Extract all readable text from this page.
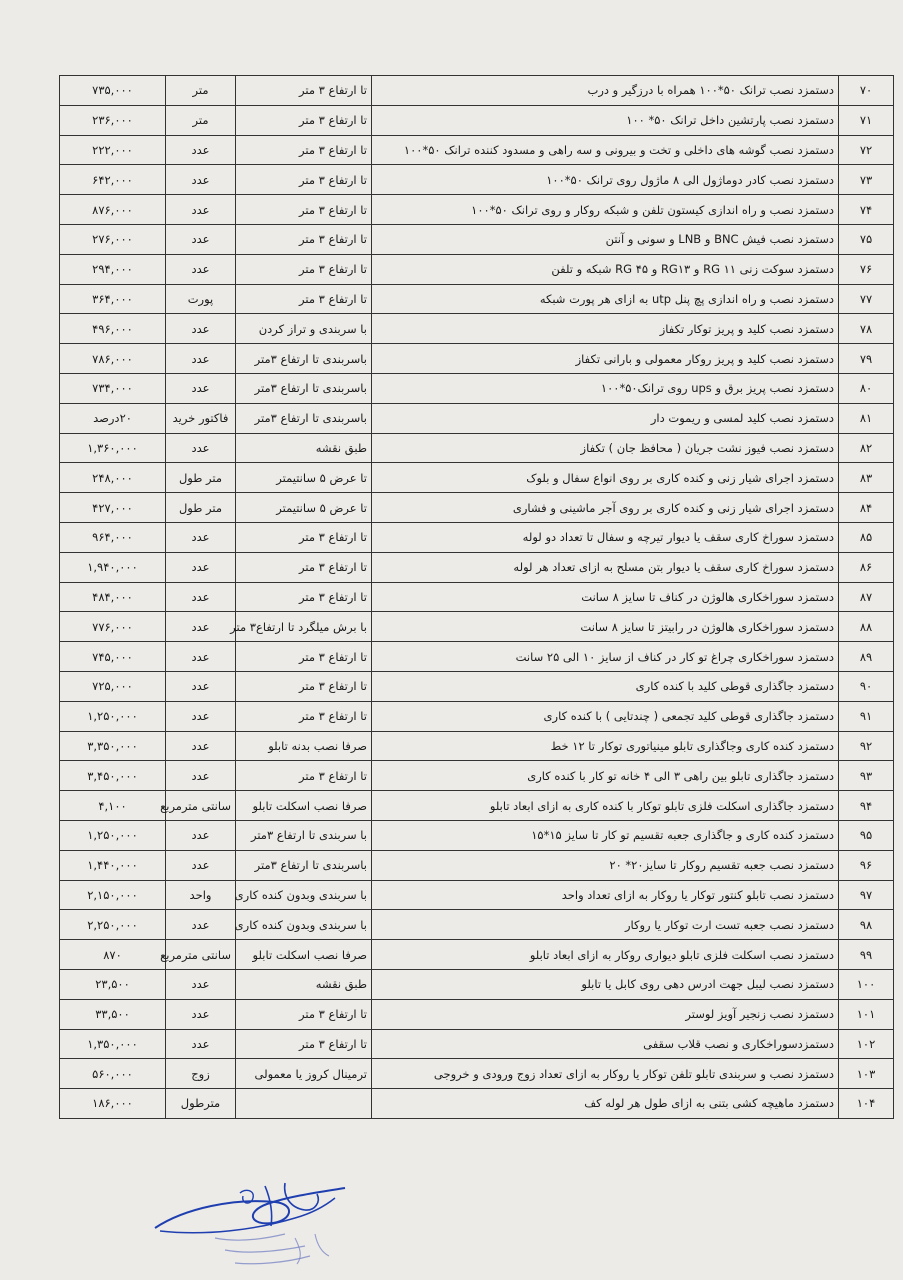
۷۰	دستمزد نصب ترانک ۵۰*۱۰۰ همراه با درزگیر و درب	تا ارتفاع ۳ متر	متر	۷۳۵,۰۰۰
۷۱	دستمزد نصب پارتشین داخل ترانک ۵۰* ۱۰۰	تا ارتفاع ۳ متر	متر	۲۳۶,۰۰۰
۷۲	دستمزد نصب گوشه های داخلی و تخت و بیرونی و سه راهی و مسدود کننده ترانک ۵۰*۱۰۰	تا ارتفاع ۳ متر	عدد	۲۲۲,۰۰۰
۷۳	دستمزد نصب کادر دوماژول الی ۸ ماژول روی ترانک ۵۰*۱۰۰	تا ارتفاع ۳ متر	عدد	۶۴۲,۰۰۰
۷۴	دستمزد نصب و راه اندازی کیستون تلفن و شبکه روکار و روی ترانک ۵۰*۱۰۰	تا ارتفاع ۳ متر	عدد	۸۷۶,۰۰۰
۷۵	دستمزد نصب فیش BNC و LNB و سونی و آنتن	تا ارتفاع ۳ متر	عدد	۲۷۶,۰۰۰
۷۶	دستمزد سوکت زنی RG ۱۱ و RG۱۳ و RG ۴۵ شبکه و تلفن	تا ارتفاع ۳ متر	عدد	۲۹۴,۰۰۰
۷۷	دستمزد نصب و راه اندازی پچ پنل utp به ازای هر پورت شبکه	تا ارتفاع ۳ متر	پورت	۳۶۴,۰۰۰
۷۸	دستمزد نصب کلید و پریز توکار تکفاز	با سربندی و تراز کردن	عدد	۴۹۶,۰۰۰
۷۹	دستمزد نصب کلید و پریز روکار معمولی و بارانی تکفاز	باسربندی تا ارتفاع ۳متر	عدد	۷۸۶,۰۰۰
۸۰	دستمزد نصب پریز برق و ups روی ترانک۵۰*۱۰۰	باسربندی تا ارتفاع ۳متر	عدد	۷۳۴,۰۰۰
۸۱	دستمزد نصب کلید لمسی و ریموت دار	باسربندی تا ارتفاع ۳متر	فاکتور خرید	۲۰درصد
۸۲	دستمزد نصب فیوز نشت جریان ( محافظ جان ) تکفاز	طبق نقشه	عدد	۱,۳۶۰,۰۰۰
۸۳	دستمزد اجرای شیار زنی و کنده کاری بر روی انواع سفال و بلوک	تا عرض ۵ سانتیمتر	متر طول	۲۴۸,۰۰۰
۸۴	دستمزد اجرای شیار زنی و کنده کاری بر روی آجر ماشینی و فشاری	تا عرض ۵ سانتیمتر	متر طول	۴۲۷,۰۰۰
۸۵	دستمزد سوراخ کاری سقف یا دیوار تیرچه و سفال تا تعداد دو لوله	تا ارتفاع ۳ متر	عدد	۹۶۴,۰۰۰
۸۶	دستمزد سوراخ کاری سقف یا دیوار بتن مسلح به ازای تعداد هر لوله	تا ارتفاع ۳ متر	عدد	۱,۹۴۰,۰۰۰
۸۷	دستمزد سوراخکاری هالوژن در کناف تا سایز ۸ سانت	تا ارتفاع ۳ متر	عدد	۴۸۴,۰۰۰
۸۸	دستمزد سوراخکاری هالوژن در رابیتز تا سایز ۸ سانت	با برش میلگرد تا ارتفاع۳ متر	عدد	۷۷۶,۰۰۰
۸۹	دستمزد سوراخکاری چراغ تو کار در کناف از سایز ۱۰ الی ۲۵ سانت	تا ارتفاع ۳ متر	عدد	۷۴۵,۰۰۰
۹۰	دستمزد جاگذاری قوطی کلید با کنده کاری	تا ارتفاع ۳ متر	عدد	۷۲۵,۰۰۰
۹۱	دستمزد جاگذاری قوطی کلید تجمعی ( چندتایی ) با کنده کاری	تا ارتفاع ۳ متر	عدد	۱,۲۵۰,۰۰۰
۹۲	دستمزد کنده کاری وجاگذاری تابلو مینیاتوری توکار تا ۱۲ خط	صرفا نصب بدنه تابلو	عدد	۳,۳۵۰,۰۰۰
۹۳	دستمزد جاگذاری تابلو بین راهی ۳ الی ۴ خانه تو کار با کنده کاری	تا ارتفاع ۳ متر	عدد	۳,۴۵۰,۰۰۰
۹۴	دستمزد جاگذاری اسکلت فلزی تابلو توکار با کنده کاری به ازای ابعاد تابلو	صرفا نصب اسکلت تابلو	سانتی مترمربع	۴,۱۰۰
۹۵	دستمزد کنده کاری و جاگذاری جعبه تقسیم تو کار تا سایز ۱۵*۱۵	با سربندی تا ارتفاع ۳متر	عدد	۱,۲۵۰,۰۰۰
۹۶	دستمزد نصب جعبه تقسیم روکار تا سایز۲۰* ۲۰	باسربندی تا ارتفاع ۳متر	عدد	۱,۴۴۰,۰۰۰
۹۷	دستمزد نصب تابلو کنتور توکار یا روکار به ازای تعداد واحد	با سربندی وبدون کنده کاری	واحد	۲,۱۵۰,۰۰۰
۹۸	دستمزد نصب جعبه تست ارت توکار یا روکار	با سربندی وبدون کنده کاری	عدد	۲,۲۵۰,۰۰۰
۹۹	دستمزد نصب اسکلت فلزی تابلو دیواری روکار به ازای ابعاد تابلو	صرفا نصب اسکلت تابلو	سانتی مترمربع	۸۷۰
۱۰۰	دستمزد نصب لیبل جهت ادرس دهی روی کابل یا تابلو	طبق نقشه	عدد	۲۳,۵۰۰
۱۰۱	دستمزد نصب زنجیر آویز لوستر	تا ارتفاع ۳ متر	عدد	۳۳,۵۰۰
۱۰۲	دستمزدسوراخکاری و نصب قلاب سقفی	تا ارتفاع ۳ متر	عدد	۱,۳۵۰,۰۰۰
۱۰۳	دستمزد نصب و سربندی تابلو تلفن توکار یا روکار به ازای تعداد زوج ورودی و خروجی	ترمینال کروز یا معمولی	زوج	۵۶۰,۰۰۰
۱۰۴	دستمزد ماهیچه کشی بتنی به ازای طول هر لوله کف		مترطول	۱۸۶,۰۰۰
